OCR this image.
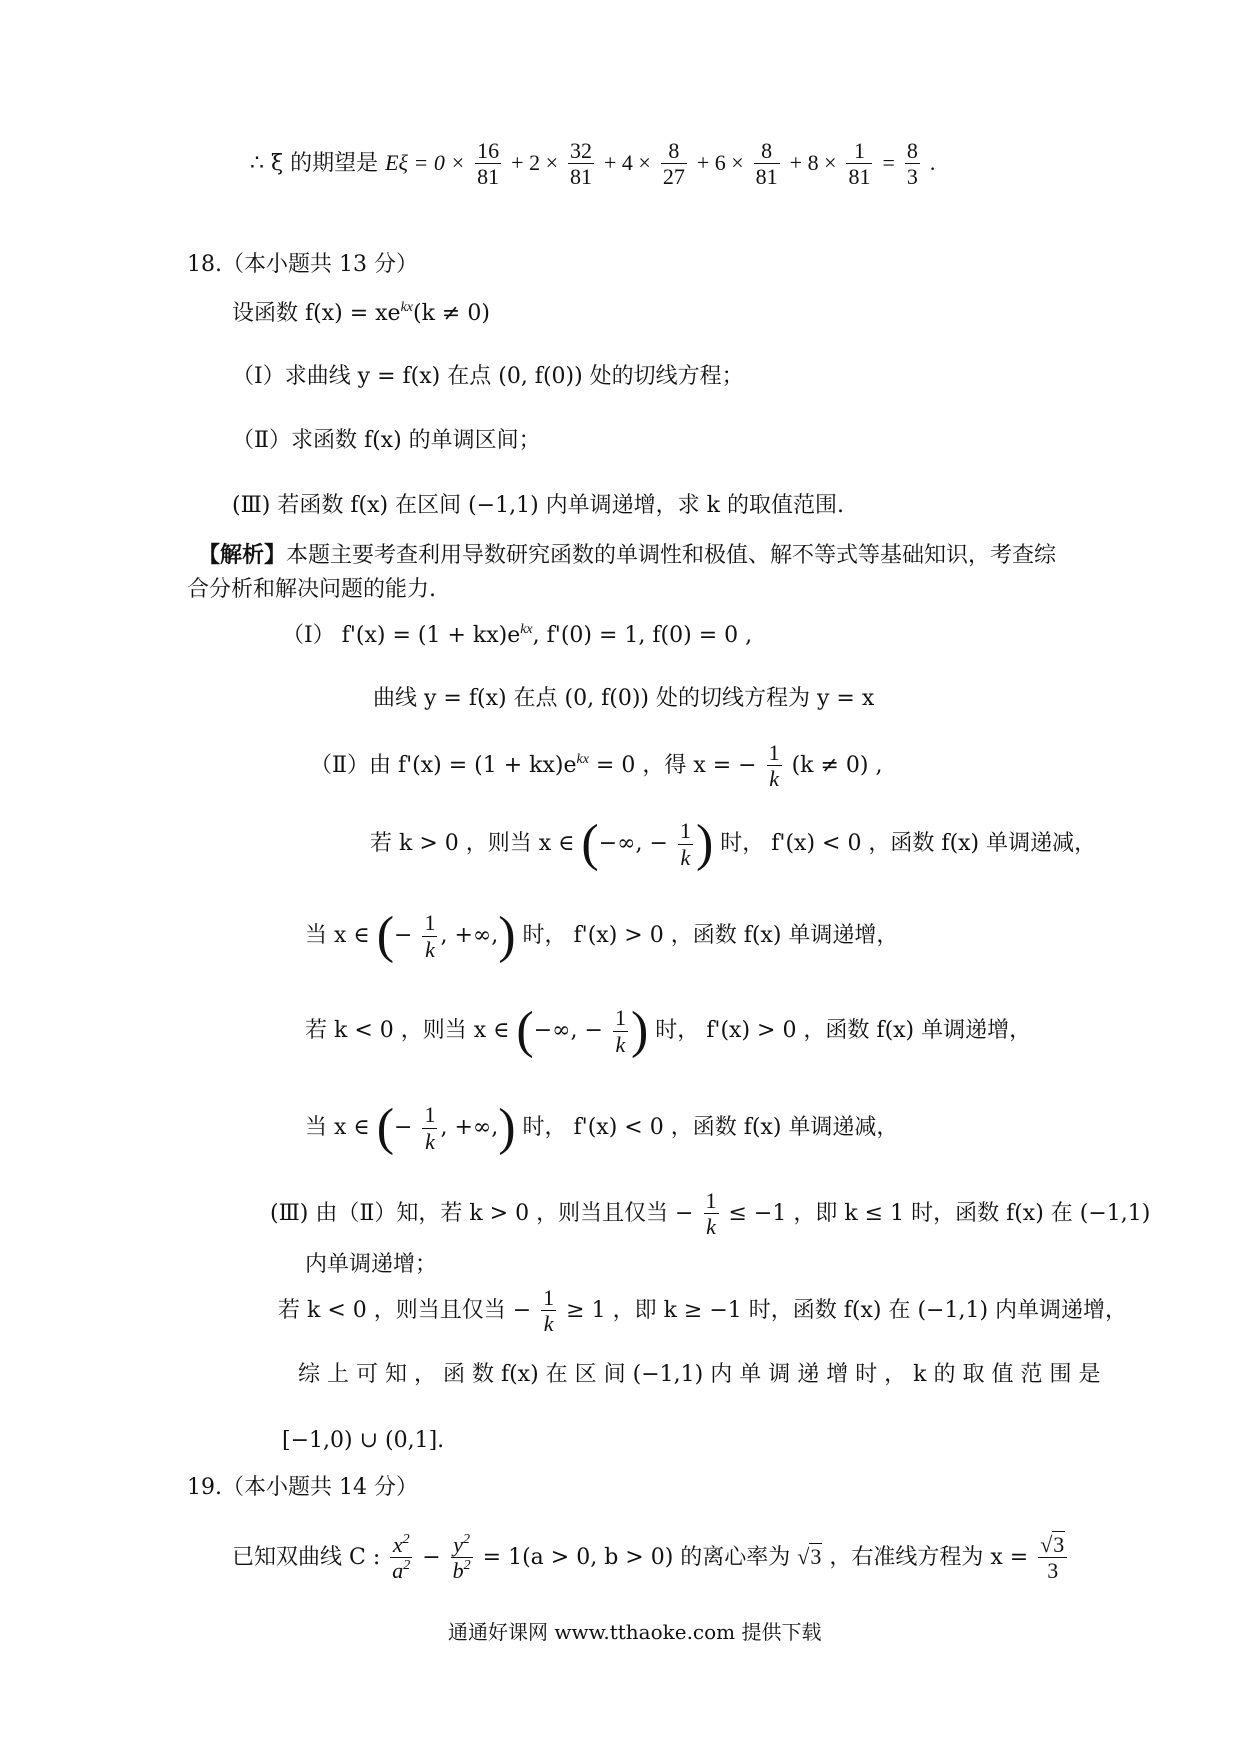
∴ ξ 的期望是 $E\xi = 0 \times \frac{16}{81} + 2 \times \frac{32}{81} + 4 \times \frac{8}{27} + 6 \times \frac{8}{81} + 8 \times \frac{1}{81} = \frac{8}{3}$ .
18.（本小题共 13 分）
设函数 $f(x) = xe^{kx}(k \ne 0)$
（Ⅰ）求曲线 y = f(x) 在点 (0, f(0)) 处的切线方程；
（Ⅱ）求函数 f(x) 的单调区间；
(Ⅲ) 若函数 f(x) 在区间 (−1,1) 内单调递增，求 k 的取值范围.
【解析】本题主要考查利用导数研究函数的单调性和极值、解不等式等基础知识，考查综
合分析和解决问题的能力.
（Ⅰ） $f'(x) = (1 + kx)e^{kx}$, f'(0) = 1, f(0) = 0 ,
曲线 y = f(x) 在点 (0, f(0)) 处的切线方程为 y = x
（Ⅱ）由 $f'(x) = (1 + kx)e^{kx} = 0$ ，得 x = − $\frac{1}{k} (k \ne 0)$ ,
若 k > 0 ，则当 x ∈ (−∞, − $\frac{1}{k}$ ) 时， f'(x) < 0 ，函数 f(x) 单调递减，
当 x ∈ (− $\frac{1}{k}$ , +∞,) 时， f'(x) > 0 ，函数 f(x) 单调递增，
若 k < 0 ，则当 x ∈ (−∞, − $\frac{1}{k}$ ) 时， f'(x) > 0 ，函数 f(x) 单调递增，
当 x ∈ (− $\frac{1}{k}$ , +∞,) 时， f'(x) < 0 ，函数 f(x) 单调递减，
(Ⅲ) 由（Ⅱ）知，若 k > 0 ，则当且仅当 − $\frac{1}{k} \le -1$ ，即 k ≤ 1 时，函数 f(x) 在 (−1,1)
内单调递增；
若 k < 0 ，则当且仅当 − $\frac{1}{k} \ge 1$ ，即 k ≥ −1 时，函数 f(x) 在 (−1,1) 内单调递增，
综 上 可 知 ， 函 数 f(x) 在 区 间 (−1,1) 内 单 调 递 增 时 ， k 的 取 值 范 围 是
[−1,0) ∪ (0,1].
19.（本小题共 14 分）
已知双曲线 C : $\frac{x^2}{a^2} - \frac{y^2}{b^2} = 1(a > 0$, b > 0) 的离心率为 √3 ，右准线方程为 $x = \frac{√3}{3}$
通通好课网 www.tthaoke.com 提供下载
